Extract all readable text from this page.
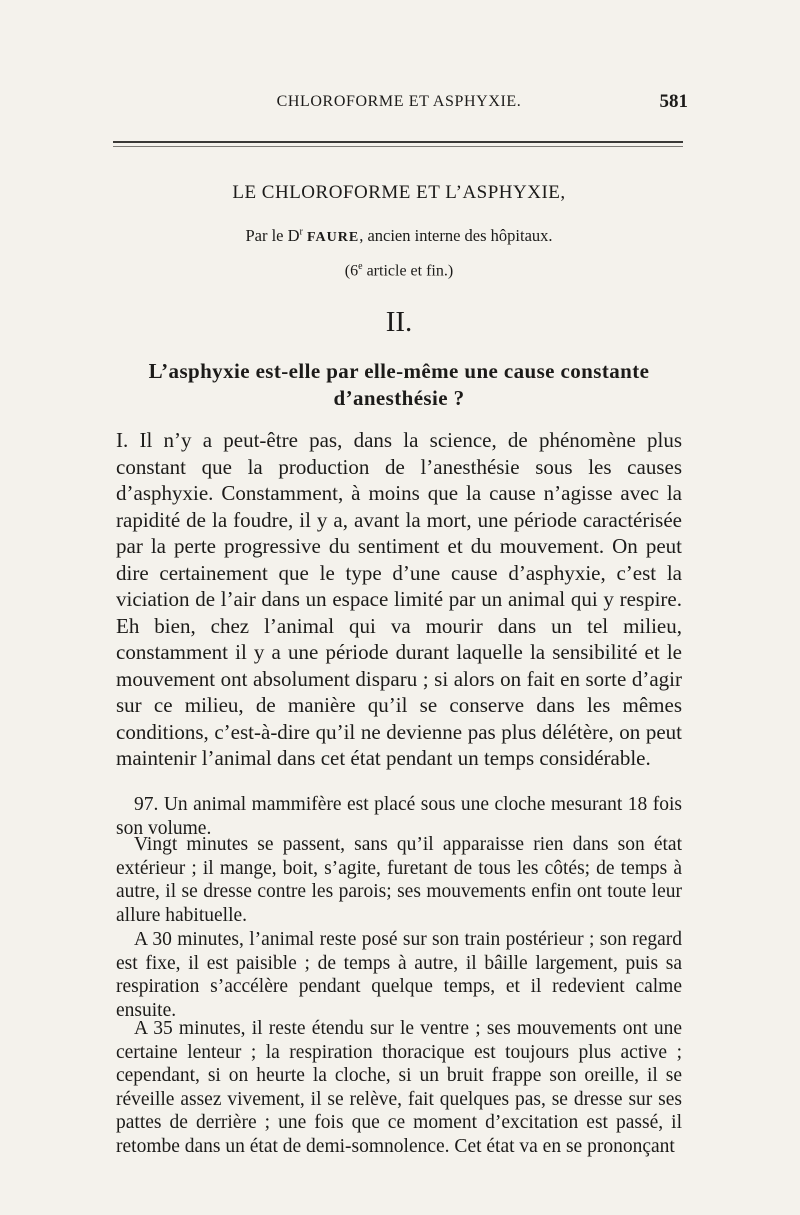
CHLOROFORME ET ASPHYXIE.	581
LE CHLOROFORME ET L’ASPHYXIE,
Par le $D^r$ FAURE, ancien interne des hôpitaux.
(6e article et fin.)
II.
L’asphyxie est-elle par elle-même une cause constante d’anesthésie ?

I. Il n’y a peut-être pas, dans la science, de phénomène plus constant que la production de l’anesthésie sous les causes d’asphyxie. Constamment, à moins que la cause n’agisse avec la rapidité de la foudre, il y a, avant la mort, une période caractérisée par la perte progressive du sentiment et du mouvement. On peut dire certainement que le type d’une cause d’asphyxie, c’est la viciation de l’air dans un espace limité par un animal qui y respire. Eh bien, chez l’animal qui va mourir dans un tel milieu, constamment il y a une période durant laquelle la sensibilité et le mouvement ont absolument disparu ; si alors on fait en sorte d’agir sur ce milieu, de manière qu’il se conserve dans les mêmes conditions, c’est-à-dire qu’il ne devienne pas plus délétère, on peut maintenir l’animal dans cet état pendant un temps considérable.

97. Un animal mammifère est placé sous une cloche mesurant 18 fois son volume.

Vingt minutes se passent, sans qu’il apparaisse rien dans son état extérieur ; il mange, boit, s’agite, furetant de tous les côtés; de temps à autre, il se dresse contre les parois; ses mouvements enfin ont toute leur allure habituelle.

A 30 minutes, l’animal reste posé sur son train postérieur ; son regard est fixe, il est paisible ; de temps à autre, il bâille largement, puis sa respiration s’accélère pendant quelque temps, et il redevient calme ensuite.

A 35 minutes, il reste étendu sur le ventre ; ses mouvements ont une certaine lenteur ; la respiration thoracique est toujours plus active ; cependant, si on heurte la cloche, si un bruit frappe son oreille, il se réveille assez vivement, il se relève, fait quelques pas, se dresse sur ses pattes de derrière ; une fois que ce moment d’excitation est passé, il retombe dans un état de demi-somnolence. Cet état va en se prononçant
